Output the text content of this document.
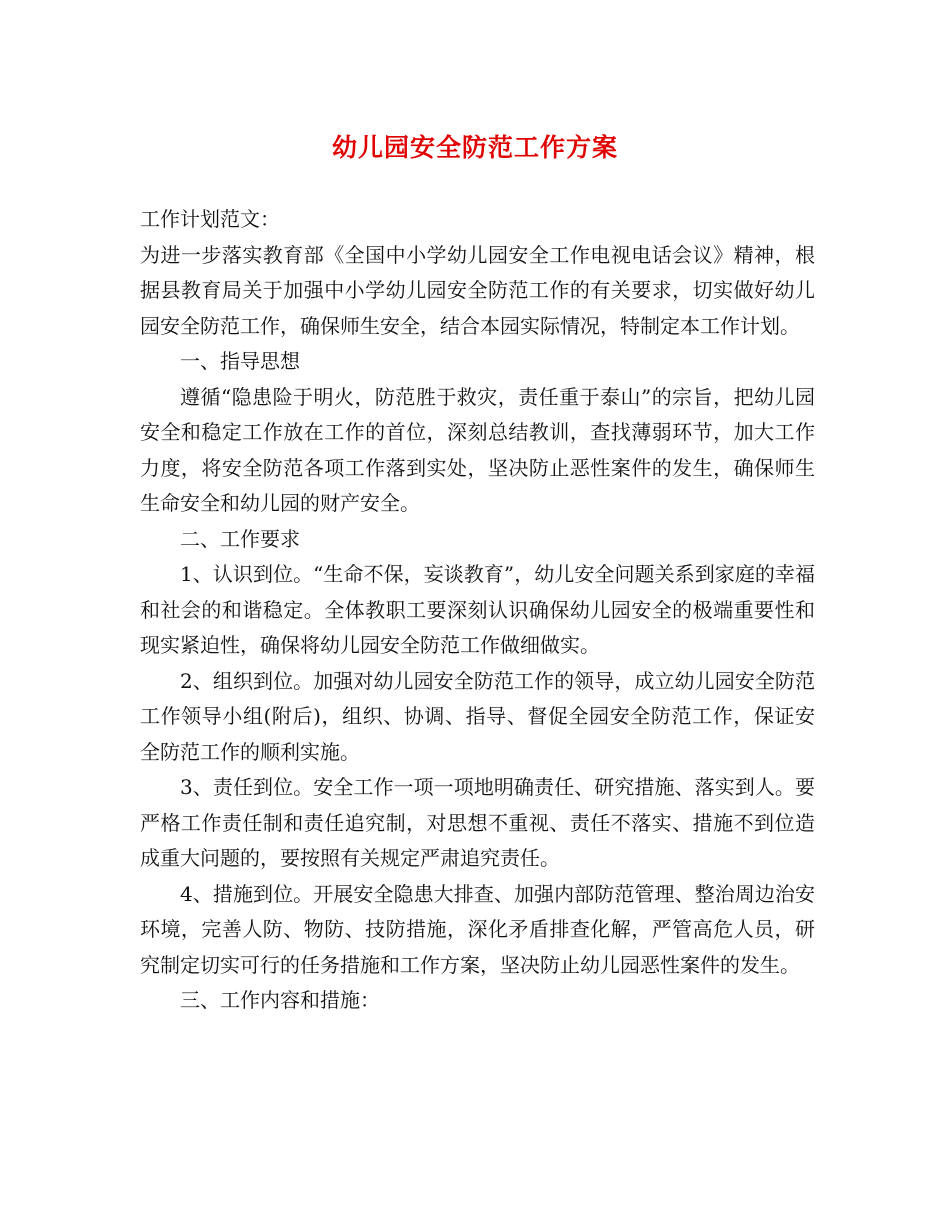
幼儿园安全防范工作方案

工作计划范文：

为进一步落实教育部《全国中小学幼儿园安全工作电视电话会议》精神，根据县教育局关于加强中小学幼儿园安全防范工作的有关要求，切实做好幼儿园安全防范工作，确保师生安全，结合本园实际情况，特制定本工作计划。

一、指导思想

遵循“隐患险于明火，防范胜于救灾，责任重于泰山”的宗旨，把幼儿园安全和稳定工作放在工作的首位，深刻总结教训，查找薄弱环节，加大工作力度，将安全防范各项工作落到实处，坚决防止恶性案件的发生，确保师生生命安全和幼儿园的财产安全。

二、工作要求

1、认识到位。“生命不保，妄谈教育”，幼儿安全问题关系到家庭的幸福和社会的和谐稳定。全体教职工要深刻认识确保幼儿园安全的极端重要性和现实紧迫性，确保将幼儿园安全防范工作做细做实。

2、组织到位。加强对幼儿园安全防范工作的领导，成立幼儿园安全防范工作领导小组(附后)，组织、协调、指导、督促全园安全防范工作，保证安全防范工作的顺利实施。

3、责任到位。安全工作一项一项地明确责任、研究措施、落实到人。要严格工作责任制和责任追究制，对思想不重视、责任不落实、措施不到位造成重大问题的，要按照有关规定严肃追究责任。

4、措施到位。开展安全隐患大排查、加强内部防范管理、整治周边治安环境，完善人防、物防、技防措施，深化矛盾排查化解，严管高危人员，研究制定切实可行的任务措施和工作方案，坚决防止幼儿园恶性案件的发生。

三、工作内容和措施：
